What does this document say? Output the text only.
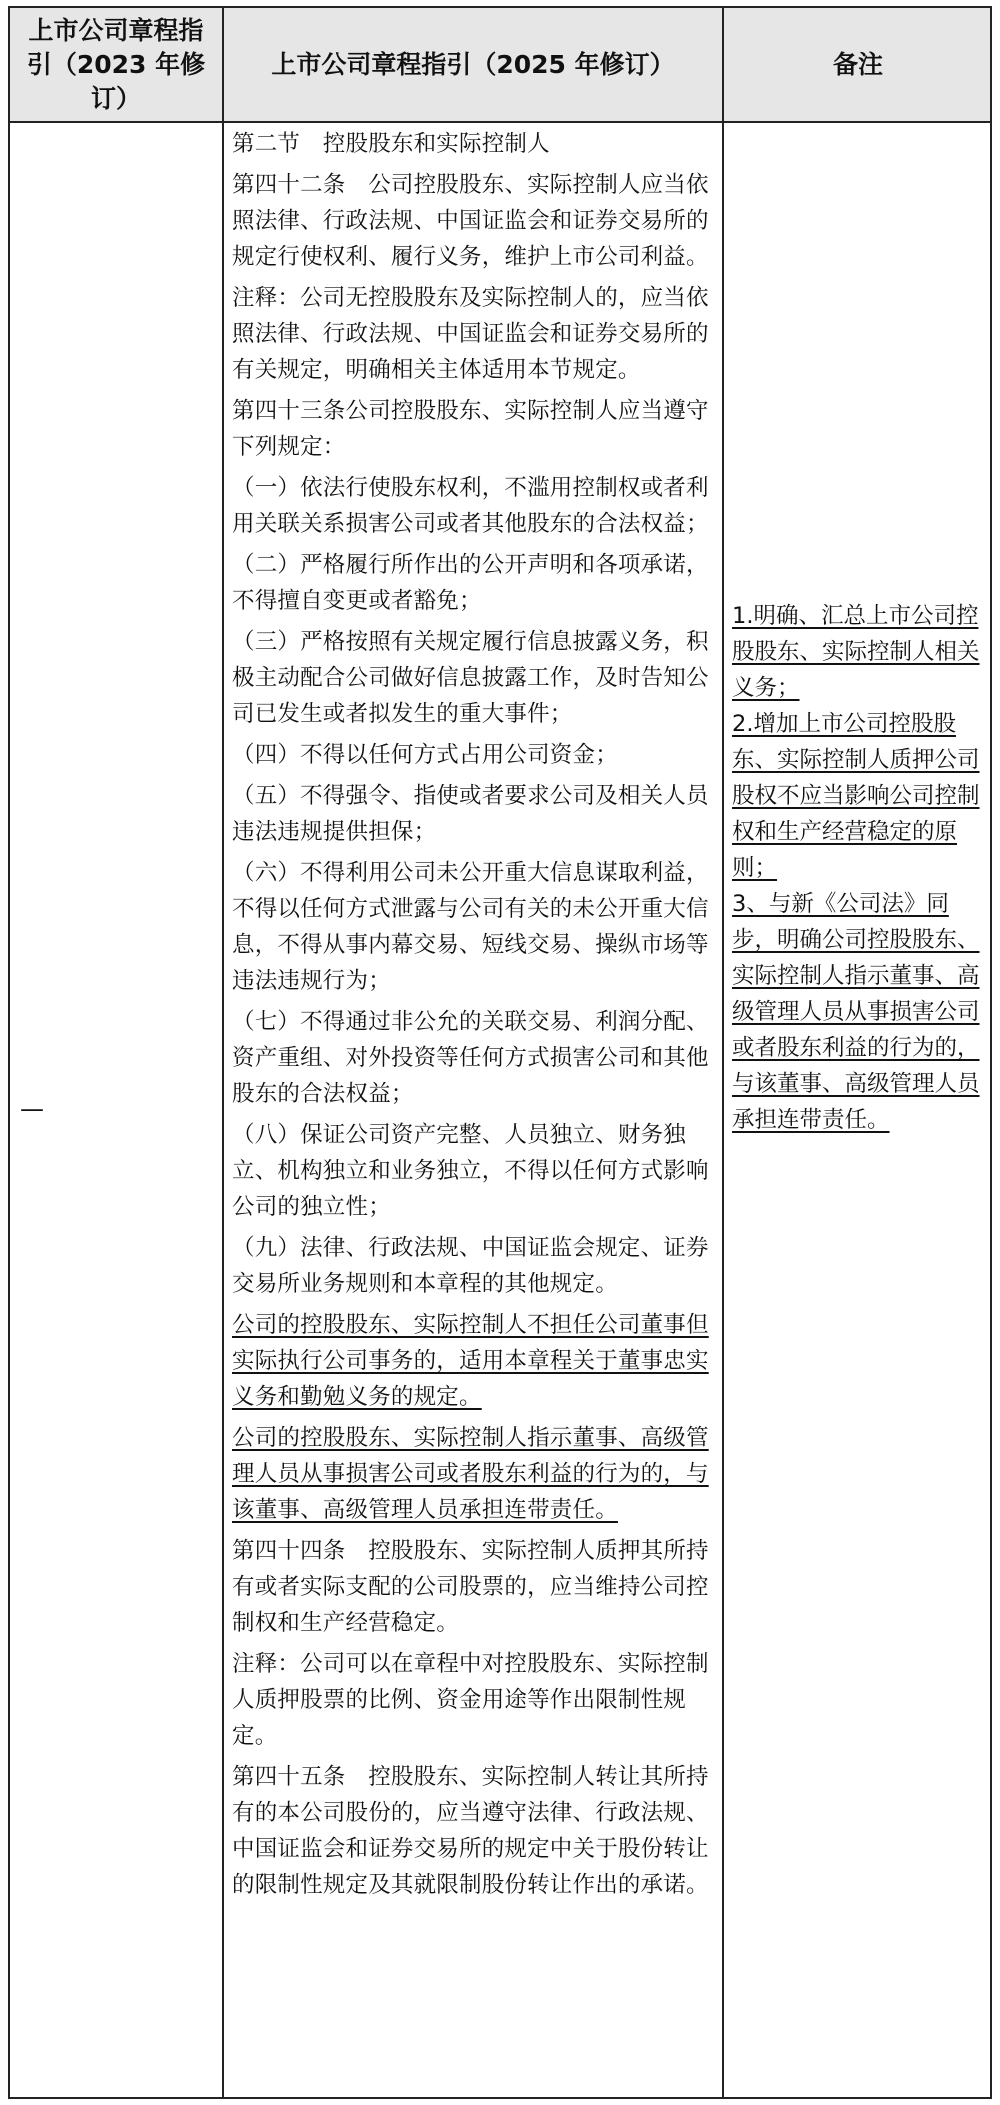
上市公司章程指引（2023 年修订）
上市公司章程指引（2025 年修订）	备注
—

第二节　控股股东和实际控制人

第四十二条　公司控股股东、实际控制人应当依照法律、行政法规、中国证监会和证券交易所的规定行使权利、履行义务，维护上市公司利益。

注释：公司无控股股东及实际控制人的，应当依照法律、行政法规、中国证监会和证券交易所的有关规定，明确相关主体适用本节规定。

第四十三条公司控股股东、实际控制人应当遵守下列规定：

（一）依法行使股东权利，不滥用控制权或者利用关联关系损害公司或者其他股东的合法权益；

（二）严格履行所作出的公开声明和各项承诺，不得擅自变更或者豁免；

（三）严格按照有关规定履行信息披露义务，积极主动配合公司做好信息披露工作，及时告知公司已发生或者拟发生的重大事件；

（四）不得以任何方式占用公司资金；

（五）不得强令、指使或者要求公司及相关人员违法违规提供担保；

（六）不得利用公司未公开重大信息谋取利益，不得以任何方式泄露与公司有关的未公开重大信息，不得从事内幕交易、短线交易、操纵市场等违法违规行为；

（七）不得通过非公允的关联交易、利润分配、资产重组、对外投资等任何方式损害公司和其他股东的合法权益；

（八）保证公司资产完整、人员独立、财务独立、机构独立和业务独立，不得以任何方式影响公司的独立性；

（九）法律、行政法规、中国证监会规定、证券交易所业务规则和本章程的其他规定。

公司的控股股东、实际控制人不担任公司董事但实际执行公司事务的，适用本章程关于董事忠实义务和勤勉义务的规定。

公司的控股股东、实际控制人指示董事、高级管理人员从事损害公司或者股东利益的行为的，与该董事、高级管理人员承担连带责任。

第四十四条　控股股东、实际控制人质押其所持有或者实际支配的公司股票的，应当维持公司控制权和生产经营稳定。

注释：公司可以在章程中对控股股东、实际控制人质押股票的比例、资金用途等作出限制性规定。

第四十五条　控股股东、实际控制人转让其所持有的本公司股份的，应当遵守法律、行政法规、中国证监会和证券交易所的规定中关于股份转让的限制性规定及其就限制股份转让作出的承诺。

1.明确、汇总上市公司控股股东、实际控制人相关义务；

2.增加上市公司控股股东、实际控制人质押公司股权不应当影响公司控制权和生产经营稳定的原则；

3、与新《公司法》同步，明确公司控股股东、实际控制人指示董事、高级管理人员从事损害公司或者股东利益的行为的，与该董事、高级管理人员承担连带责任。
